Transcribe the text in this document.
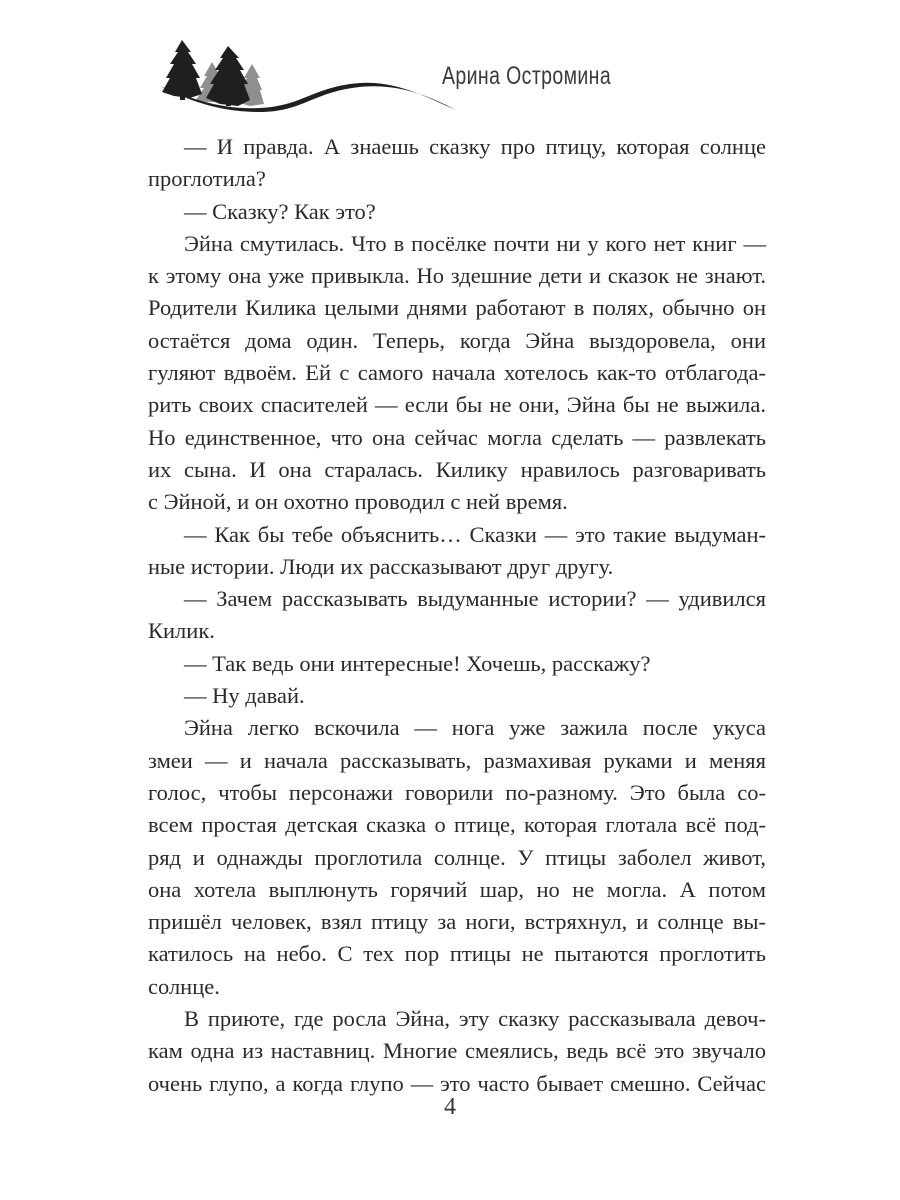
Арина Остромина
— И правда. А знаешь сказку про птицу, которая солнце
проглотила?
— Сказку? Как это?
Эйна смутилась. Что в посёлке почти ни у кого нет книг —
к этому она уже привыкла. Но здешние дети и сказок не знают.
Родители Килика целыми днями работают в полях, обычно он
остаётся дома один. Теперь, когда Эйна выздоровела, они
гуляют вдвоём. Ей с самого начала хотелось как-то отблагода-
рить своих спасителей — если бы не они, Эйна бы не выжила.
Но единственное, что она сейчас могла сделать — развлекать
их сына. И она старалась. Килику нравилось разговаривать
с Эйной, и он охотно проводил с ней время.
— Как бы тебе объяснить… Сказки — это такие выдуман-
ные истории. Люди их рассказывают друг другу.
— Зачем рассказывать выдуманные истории? — удивился
Килик.
— Так ведь они интересные! Хочешь, расскажу?
— Ну давай.
Эйна легко вскочила — нога уже зажила после укуса
змеи — и начала рассказывать, размахивая руками и меняя
голос, чтобы персонажи говорили по-разному. Это была со-
всем простая детская сказка о птице, которая глотала всё под-
ряд и однажды проглотила солнце. У птицы заболел живот,
она хотела выплюнуть горячий шар, но не могла. А потом
пришёл человек, взял птицу за ноги, встряхнул, и солнце вы-
катилось на небо. С тех пор птицы не пытаются проглотить
солнце.
В приюте, где росла Эйна, эту сказку рассказывала девоч-
кам одна из наставниц. Многие смеялись, ведь всё это звучало
очень глупо, а когда глупо — это часто бывает смешно. Сейчас
4
